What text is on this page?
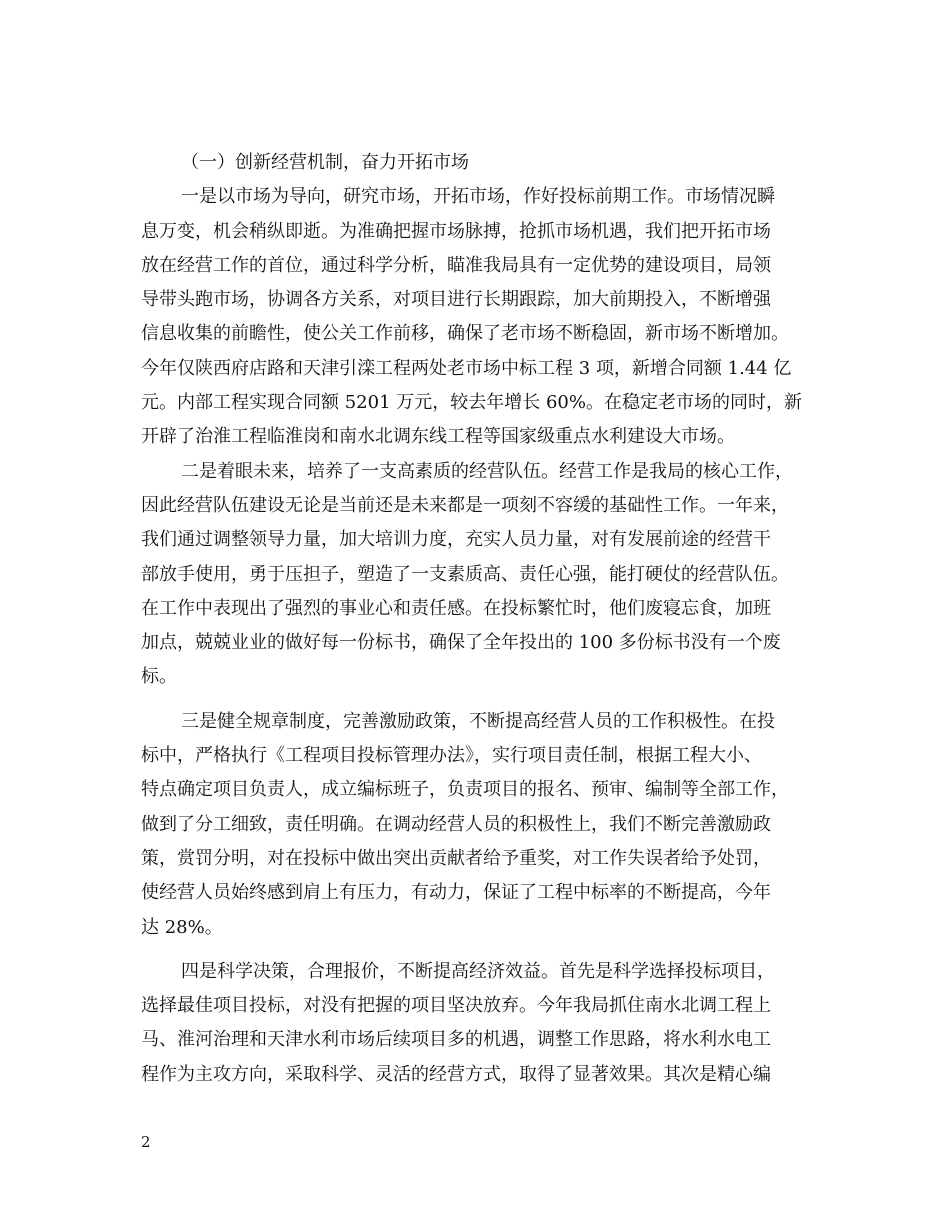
（一）创新经营机制，奋力开拓市场
一是以市场为导向，研究市场，开拓市场，作好投标前期工作。市场情况瞬
息万变，机会稍纵即逝。为准确把握市场脉搏，抢抓市场机遇，我们把开拓市场
放在经营工作的首位，通过科学分析，瞄准我局具有一定优势的建设项目，局领
导带头跑市场，协调各方关系，对项目进行长期跟踪，加大前期投入，不断增强
信息收集的前瞻性，使公关工作前移，确保了老市场不断稳固，新市场不断增加。
今年仅陕西府店路和天津引滦工程两处老市场中标工程 3 项，新增合同额 1.44 亿
元。内部工程实现合同额 5201 万元，较去年增长 60%。在稳定老市场的同时，新
开辟了治淮工程临淮岗和南水北调东线工程等国家级重点水利建设大市场。
二是着眼未来，培养了一支高素质的经营队伍。经营工作是我局的核心工作，
因此经营队伍建设无论是当前还是未来都是一项刻不容缓的基础性工作。一年来，
我们通过调整领导力量，加大培训力度，充实人员力量，对有发展前途的经营干
部放手使用，勇于压担子，塑造了一支素质高、责任心强，能打硬仗的经营队伍。
在工作中表现出了强烈的事业心和责任感。在投标繁忙时，他们废寝忘食，加班
加点，兢兢业业的做好每一份标书，确保了全年投出的 100 多份标书没有一个废
标。
三是健全规章制度，完善激励政策，不断提高经营人员的工作积极性。在投
标中，严格执行《工程项目投标管理办法》，实行项目责任制，根据工程大小、
特点确定项目负责人，成立编标班子，负责项目的报名、预审、编制等全部工作，
做到了分工细致，责任明确。在调动经营人员的积极性上，我们不断完善激励政
策，赏罚分明，对在投标中做出突出贡献者给予重奖，对工作失误者给予处罚，
使经营人员始终感到肩上有压力，有动力，保证了工程中标率的不断提高，今年
达 28%。
四是科学决策，合理报价，不断提高经济效益。首先是科学选择投标项目，
选择最佳项目投标，对没有把握的项目坚决放弃。今年我局抓住南水北调工程上
马、淮河治理和天津水利市场后续项目多的机遇，调整工作思路，将水利水电工
程作为主攻方向，采取科学、灵活的经营方式，取得了显著效果。其次是精心编
2
